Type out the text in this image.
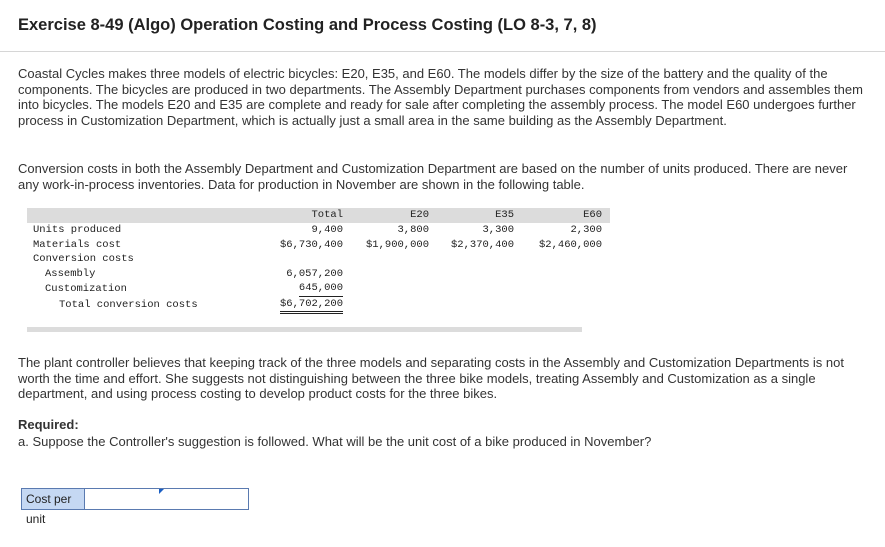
Exercise 8-49 (Algo) Operation Costing and Process Costing (LO 8-3, 7, 8)
Coastal Cycles makes three models of electric bicycles: E20, E35, and E60. The models differ by the size of the battery and the quality of the components. The bicycles are produced in two departments. The Assembly Department purchases components from vendors and assembles them into bicycles. The models E20 and E35 are complete and ready for sale after completing the assembly process. The model E60 undergoes further process in Customization Department, which is actually just a small area in the same building as the Assembly Department.
Conversion costs in both the Assembly Department and Customization Department are based on the number of units produced. There are never any work-in-process inventories. Data for production in November are shown in the following table.
	Total	E20	E35	E60
Units produced	9,400	3,800	3,300	2,300
Materials cost	$6,730,400	$1,900,000	$2,370,400	$2,460,000
Conversion costs				
Assembly	6,057,200			
Customization	645,000			
Total conversion costs	$6,702,200			
The plant controller believes that keeping track of the three models and separating costs in the Assembly and Customization Departments is not worth the time and effort. She suggests not distinguishing between the three bike models, treating Assembly and Customization as a single department, and using process costing to develop product costs for the three bikes.
Required:
a. Suppose the Controller's suggestion is followed. What will be the unit cost of a bike produced in November?
Cost per unit
